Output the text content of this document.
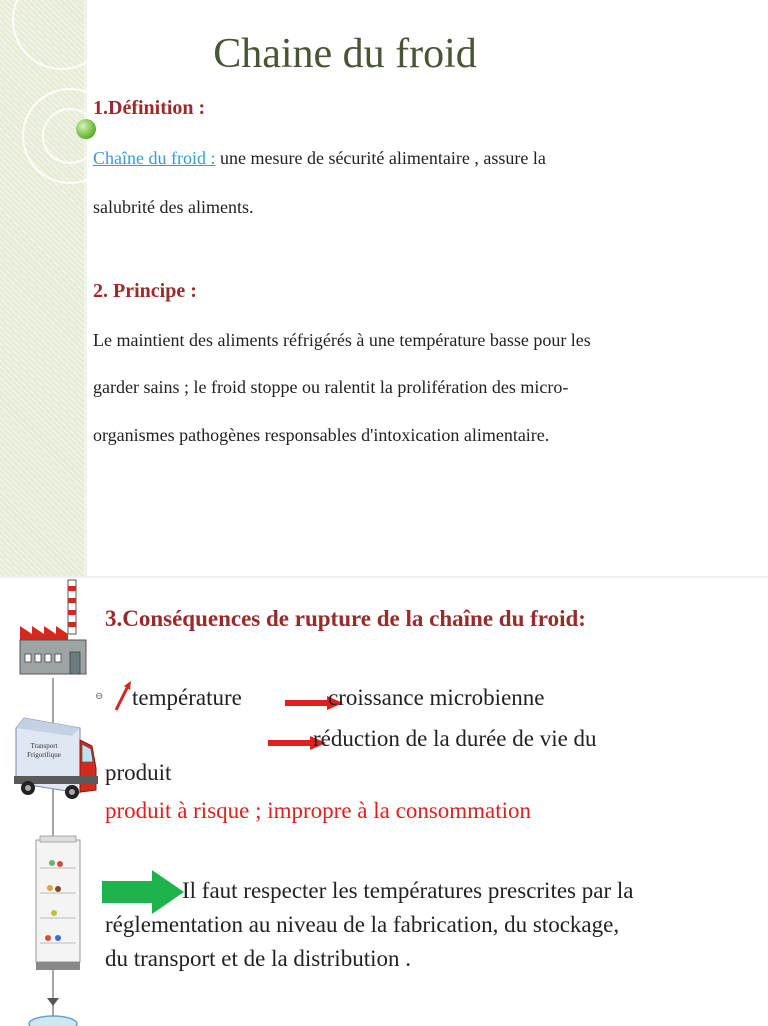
Chaine du froid
1.Définition :
Chaîne du froid : une mesure de sécurité alimentaire , assure la
salubrité des aliments.
2. Principe :
Le maintient des aliments réfrigérés à une température basse pour les
garder sains ; le froid stoppe ou ralentit la prolifération des micro-
organismes pathogènes responsables d'intoxication alimentaire.
Transport
Frigorifique
3.Conséquences de rupture de la chaîne du froid:
⊖ température	croissance microbienne
réduction de la durée de vie du
produit
produit à risque ; impropre à la consommation
Il faut respecter les températures prescrites par la
réglementation au niveau de la fabrication, du stockage,
du transport et de la distribution .
